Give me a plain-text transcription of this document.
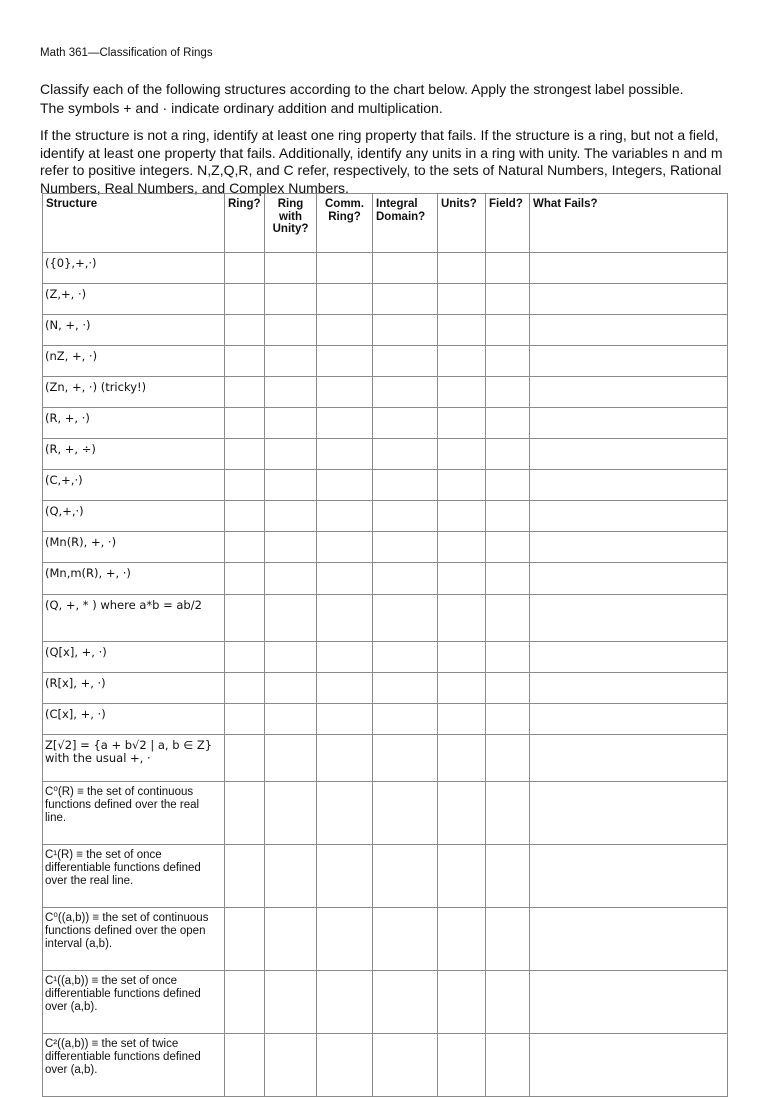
Math 361—Classification of Rings

Classify each of the following structures according to the chart below. Apply the strongest label possible.
The symbols + and · indicate ordinary addition and multiplication.

If the structure is not a ring, identify at least one ring property that fails. If the structure is a ring, but not a field, identify at least one property that fails. Additionally, identify any units in a ring with unity. The variables n and m refer to positive integers. N,Z,Q,R, and C refer, respectively, to the sets of Natural Numbers, Integers, Rational Numbers, Real Numbers, and Complex Numbers.

Structure	Ring?	Ring with Unity?	Comm. Ring?	Integral Domain?	Units?	Field?	What Fails?
({0},+,·)							
(Z,+, ·)							
(N, +, ·)							
(nZ, +, ·)							
(Zn, +, ·) (tricky!)							
(R, +, ·)							
(R, +, ÷)							
(C,+,·)							
(Q,+,·)							
(Mn(R), +, ·)							
(Mn,m(R), +, ·)							
(Q, +, * ) where a*b = ab/2							
(Q[x], +, ·)							
(R[x], +, ·)							
(C[x], +, ·)							
Z[√2] = {a + b√2 | a, b ∈ Z} with the usual +, ·							
C⁰(R) ≡ the set of continuous functions defined over the real line.							
C¹(R) ≡ the set of once differentiable functions defined over the real line.							
C⁰((a,b)) ≡ the set of continuous functions defined over the open interval (a,b).							
C¹((a,b)) ≡ the set of once differentiable functions defined over (a,b).							
C²((a,b)) ≡ the set of twice differentiable functions defined over (a,b).							
